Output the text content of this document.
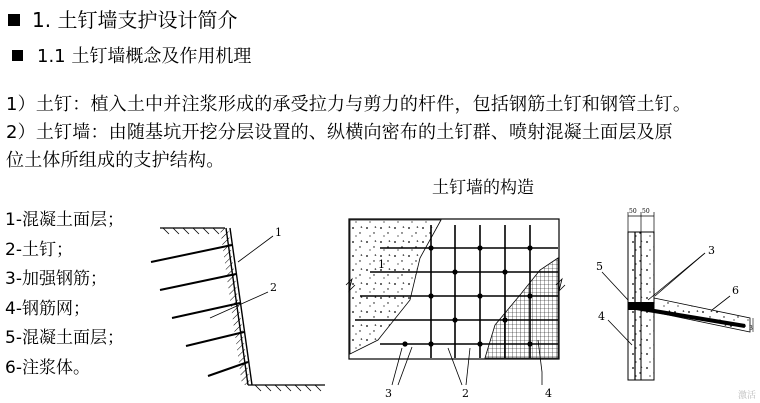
1. 土钉墙支护设计简介
1.1 土钉墙概念及作用机理
1）土钉：植入土中并注浆形成的承受拉力与剪力的杆件，包括钢筋土钉和钢管土钉。
2）土钉墙：由随基坑开挖分层设置的、纵横向密布的土钉群、喷射混凝土面层及原
位土体所组成的支护结构。
土钉墙的构造
1-混凝土面层；
2-土钉；
3-加强钢筋；
4-钢筋网；
5-混凝土面层；
6-注浆体。
1
2
1
3	2	4
50 50
3
3
5
4
6
激活
